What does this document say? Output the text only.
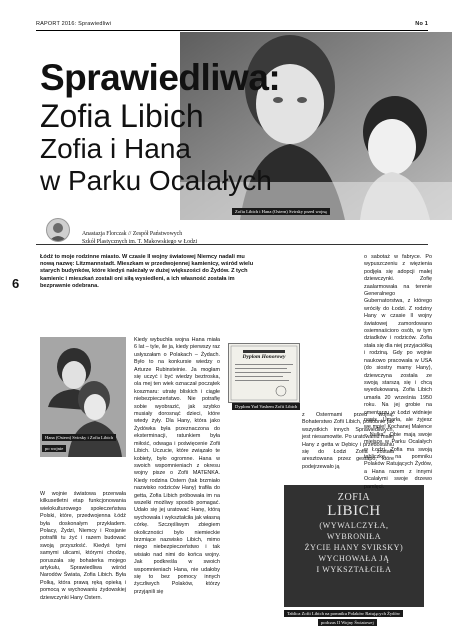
RAPORT 2016: Sprawiedliwi	No 1
Zofia Libich i Hana (Ostern) Svirsky przed wojną
Sprawiedliwa:
Zofia Libich
Zofia i Hana
w Parku Ocalałych
Anastazja Florczak // Zespół Państwowych
Szkół Plastycznych im. T. Makowskiego w Łodzi
6
Łódź to moje rodzinne miasto. W czasie II wojny światowej Niemcy nadali mu nową nazwę: Litzmannstadt. Mieszkam w przedwojennej kamienicy, wśród wielu starych budynków, które kiedyś należały w dużej większości do Żydów. Z tych kamienic i mieszkań zostali oni siłą wysiedleni, a ich własność została im bezprawnie odebrana.
Hana (Ostern) Svirsky i Zofia Libich
po wojnie
Dyplom Honorowy
Dyplom Yad Vashem Zofii Libich
ZOFIA
LIBICH
(WYWALCZYŁA, WYBRONIŁA
ŻYCIE HANY SVIRSKY)
WYCHOWAŁA JĄ
I WYKSZTAŁCIŁA
Tablica Zofii Libich na pomniku Polaków Ratujących Żydów
podczas II Wojny Światowej
W wojnie światowa przerwała kilkusetletni etap funkcjonowania wielokulturowego społeczeństwa Polski, które, przedwojenna Łódź była doskonałym przykładem. Polacy, Żydzi, Niemcy i Rosjanie potrafili tu żyć i razem budować swoją przyszłość. Kiedyś tymi samymi ulicami, którymi chodzę, poruszała się bohaterka mojego artykułu, Sprawiedliwa wśród Narodów Świata, Zofia Libich. Była Polką, która prawą ręką opieką i pomocą w wychowaniu żydowskiej dziewczynki Hany Ostern.
Kiedy wybuchła wojna Hana miała 6 lat – tyle, ile ja, kiedy pierwszy raz usłyszałam o Polakach – Żydach. Było to na konkursie wiedzy o Arturze Rubinsteinie. Ja mogłam się uczyć i być wiedzy beztroska, ola mej ten wiek oznaczał początek koszmaru: utratę bliskich i ciągłe niebezpieczeństwo. Nie potrafię sobie wyobrazić, jak szybko musiały dorosnąć dzieci, które wtedy żyły. Dla Hany, która jako Żydówka była przeznaczona do eksterminacji, ratunkiem była miłość, odwaga i poświęcenie Zofii Libich. Uczucie, które związało te kobiety, było ogromne. Hana w swoich wspomnieniach z okresu wojny pisze o Zofii MATENKA. Kiedy rodzina Ostern (tak brzmiało nazwisko rodziców Hany) trafiła do getta, Zofia Libich próbowała im na wszelki możliwy sposób pomagać. Udało się jej uratować Hanę, którą wychowała i wykształciła jak własną córkę. Szczęśliwym zbiegiem okoliczności było niemieckie brzmiące nazwisko Libich, mimo niego niebezpieczeństwo i tak wisiało nad nimi do końca wojny. Jak podkreśla w swoich wspomnieniach Hana, nie udałoby się to bez pomocy innych życzliwych Polaków, którzy przyjąnili się
z Ostermami przed wojną. Bohaterstwo Zofii Libich, podobnie jak wszystkich innych Sprawiedliwych, jest niesamowite. Po uratowaniu małej Hany z getta w Dębicy i przedostaniu się do Łodzi Zofia została aresztowana przez gestapo, które podejrzewało ją
o sabotaż w fabryce. Po wypuszczeniu z więzienia podjęła się adopcji małej dziewczynki. Zofię zaalarmowała na terenie Generalnego Gubernatorstwa, z którego wróciły do Łodzi. Z rodziny Hany w czasie II wojny światowej zamordowano osiemnaścioro osób, w tym dziadków i rodziców. Zofia stała się dla niej przyjaciółką i rodziną. Gdy po wojnie naukowo pracowała w USA (do siostry mamy Hany), dziewczyna została ze swoją starszą się i chcą wyedukowaną. Zofia Libich umarła 20 września 1950 roku. Na jej grobie na cmentarzu w Łodzi widnieje napis „Umarła, ale żyjesz we mnie! Kochanej Malence – Nulka". Obie mają swoje miejsce w Parku Ocalałych w Łodzi. Zofia ma swoją tabliczkę na pomniku Polaków Ratujących Żydów, a Hana razem z innymi Ocalałymi swoje drzewo pamięci.
